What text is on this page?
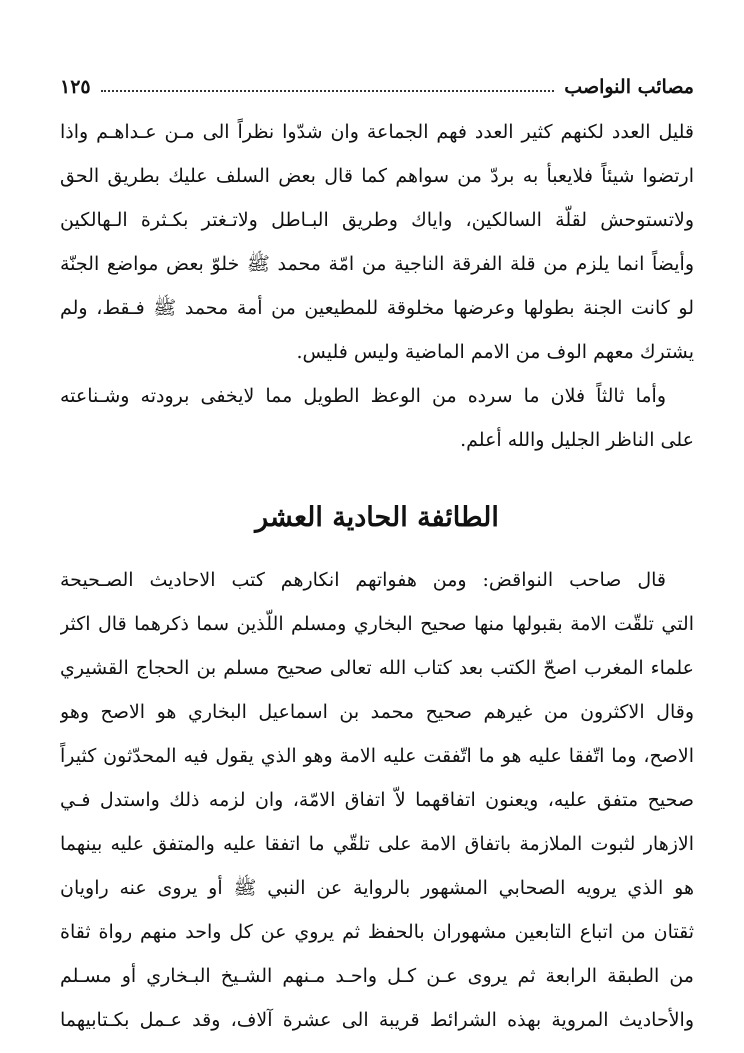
مصائب النواصب
١٢٥
قليل العدد لكنهم كثير العدد فهم الجماعة وان شدّوا نظراً الى مـن عـداهـم واذا
ارتضوا شيئاً فلايعبأ به بردّ من سواهم كما قال بعض السلف عليك بطريق الحق
ولاتستوحش لقلّة السالكين، واياك وطريق البـاطل ولاتـغتر بكـثرة الـهالكين
وأيضاً انما يلزم من قلة الفرقة الناجية من امّة محمد ﷺ خلوّ بعض مواضع الجنّة
لو كانت الجنة بطولها وعرضها مخلوقة للمطيعين من أمة محمد ﷺ فـقط، ولم
يشترك معهم الوف من الامم الماضية وليس فليس.
وأما ثالثاً فلان ما سرده من الوعظ الطويل مما لايخفى برودته وشـناعته
على الناظر الجليل والله أعلم.
الطائفة الحادية العشر
قال صاحب النواقض: ومن هفواتهم انكارهم كتب الاحاديث الصـحيحة
التي تلقّت الامة بقبولها منها صحيح البخاري ومسلم اللّذين سما ذكرهما قال اكثر
علماء المغرب اصحّ الكتب بعد كتاب الله تعالى صحيح مسلم بن الحجاج القشيري
وقال الاكثرون من غيرهم صحيح محمد بن اسماعيل البخاري هو الاصح وهو
الاصح، وما اتّفقا عليه هو ما اتّفقت عليه الامة وهو الذي يقول فيه المحدّثون كثيراً
صحيح متفق عليه، ويعنون اتفاقهما لاّ اتفاق الامّة، وان لزمه ذلك واستدل فـي
الازهار لثبوت الملازمة باتفاق الامة على تلقّي ما اتفقا عليه والمتفق عليه بينهما
هو الذي يرويه الصحابي المشهور بالرواية عن النبي ﷺ أو يروى عنه راويان
ثقتان من اتباع التابعين مشهوران بالحفظ ثم يروي عن كل واحد منهم رواة ثقاة
من الطبقة الرابعة ثم يروى عـن كـل واحـد مـنهم الشـيخ البـخاري أو مسـلم
والأحاديث المروية بهذه الشرائط قريبة الى عشرة آلاف، وقد عـمل بكـتابيهما
